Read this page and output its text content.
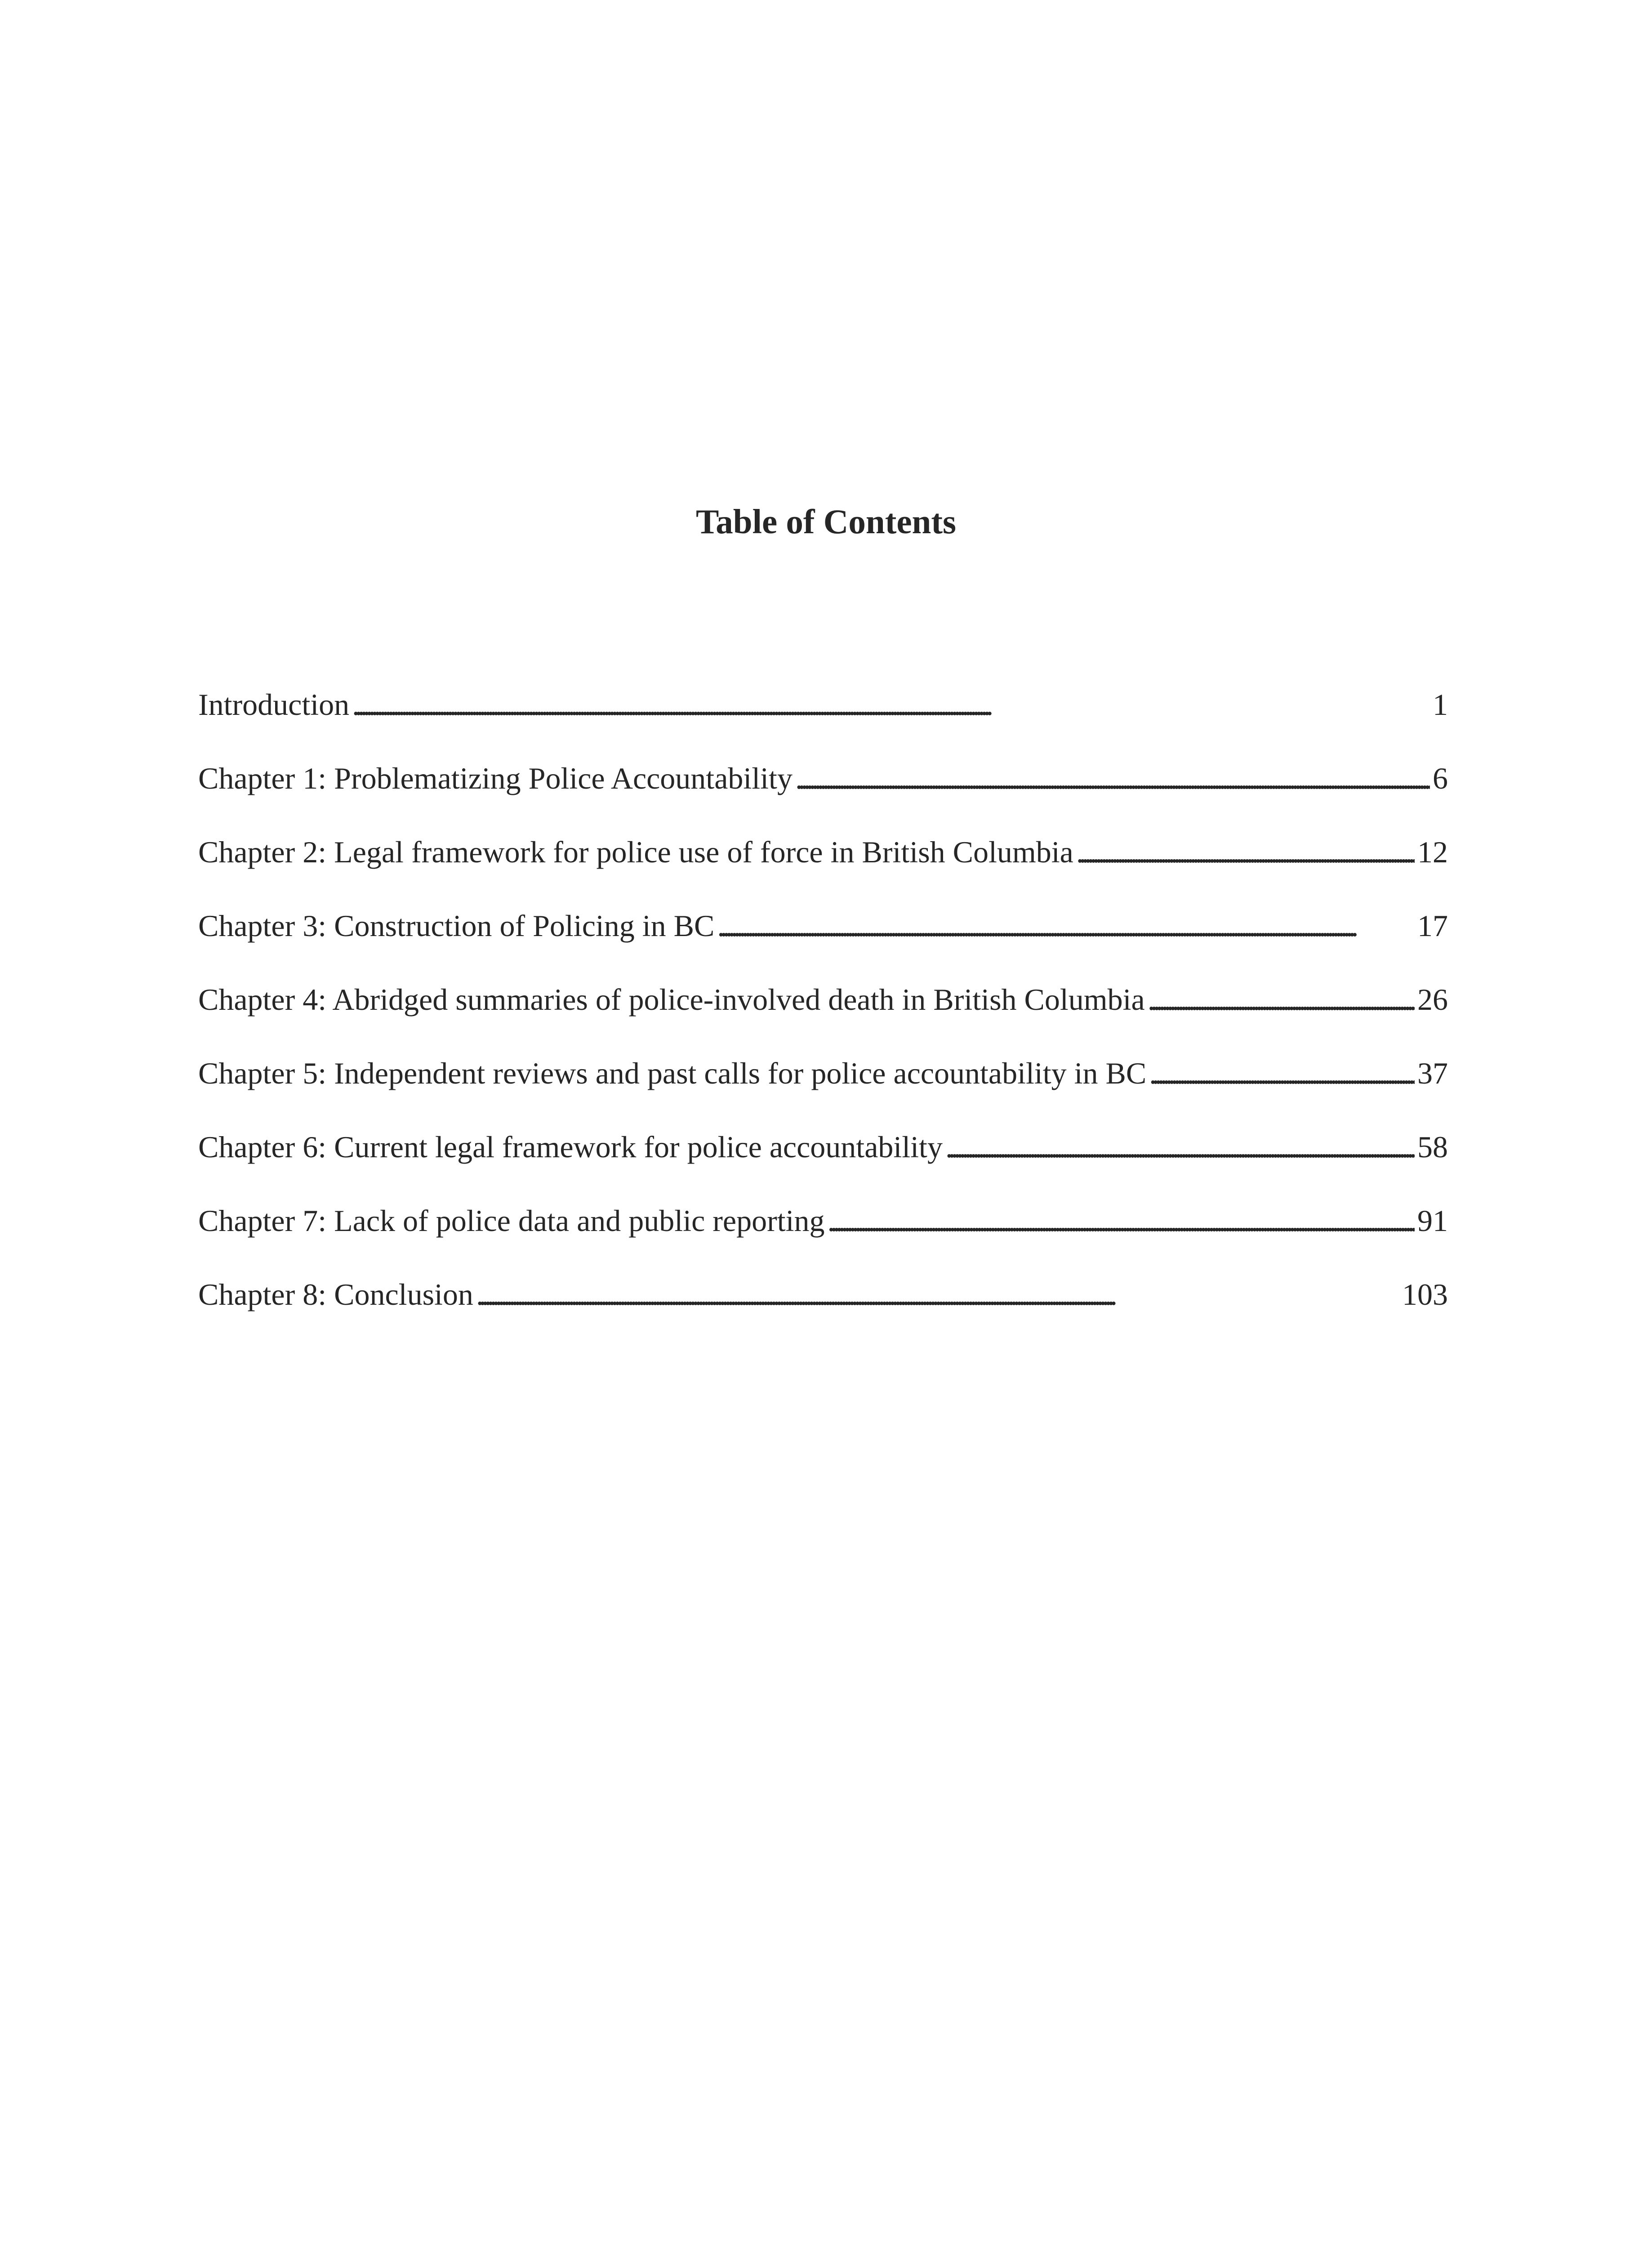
Table of Contents
Introduction . . .	1
Chapter 1: Problematizing Police Accountability . . .	6
Chapter 2: Legal framework for police use of force in British Columbia . . .	12
Chapter 3: Construction of Policing in BC . . .	17
Chapter 4: Abridged summaries of police-involved death in British Columbia . . .	26
Chapter 5: Independent reviews and past calls for police accountability in BC . . .	37
Chapter 6: Current legal framework for police accountability . . .	58
Chapter 7: Lack of police data and public reporting . . .	91
Chapter 8: Conclusion . . .	103
